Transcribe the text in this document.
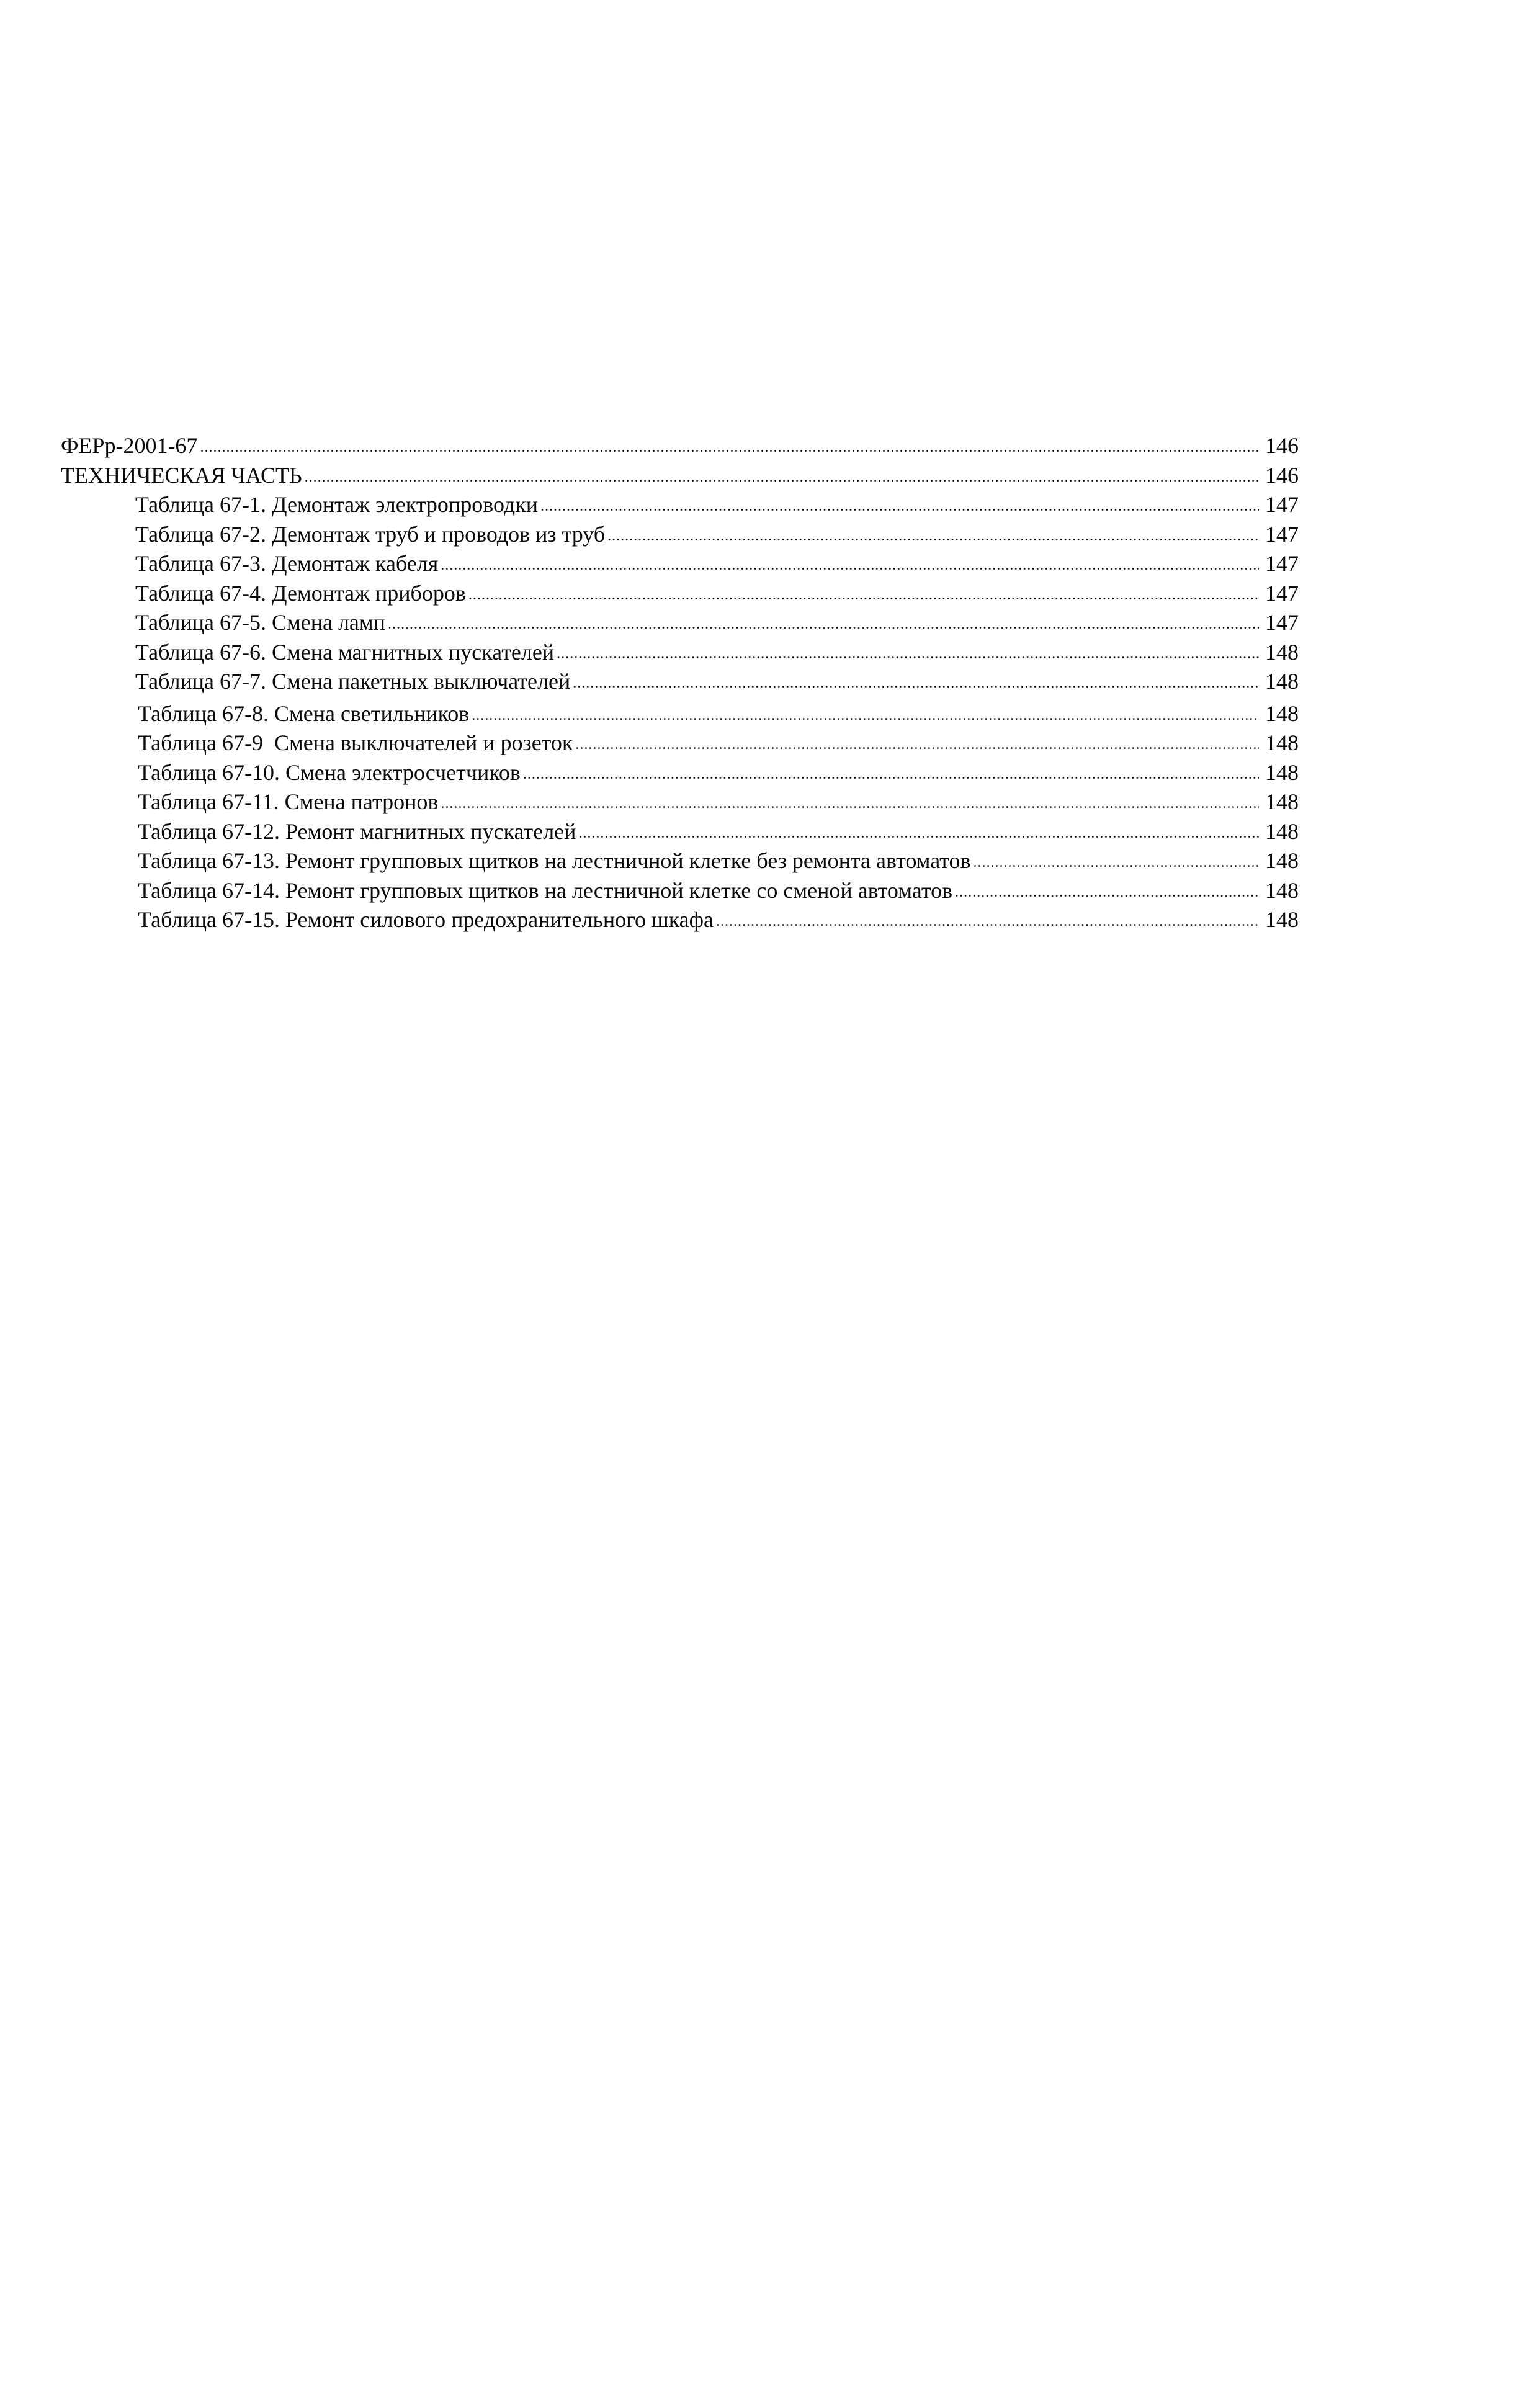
ФЕРр-2001-67 .....	146
ТЕХНИЧЕСКАЯ ЧАСТЬ .....	146
Таблица 67-1. Демонтаж электропроводки .....	147
Таблица 67-2. Демонтаж труб и проводов из труб .....	147
Таблица 67-3. Демонтаж кабеля .....	147
Таблица 67-4. Демонтаж приборов .....	147
Таблица 67-5. Смена ламп .....	147
Таблица 67-6. Смена магнитных пускателей .....	148
Таблица 67-7. Смена пакетных выключателей .....	148
Таблица 67-8. Смена светильников .....	148
Таблица 67-9  Смена выключателей и розеток .....	148
Таблица 67-10. Смена электросчетчиков .....	148
Таблица 67-11. Смена патронов .....	148
Таблица 67-12. Ремонт магнитных пускателей .....	148
Таблица 67-13. Ремонт групповых щитков на лестничной клетке без ремонта автоматов .....	148
Таблица 67-14. Ремонт групповых щитков на лестничной клетке со сменой автоматов .....	148
Таблица 67-15. Ремонт силового предохранительного шкафа .....	148
